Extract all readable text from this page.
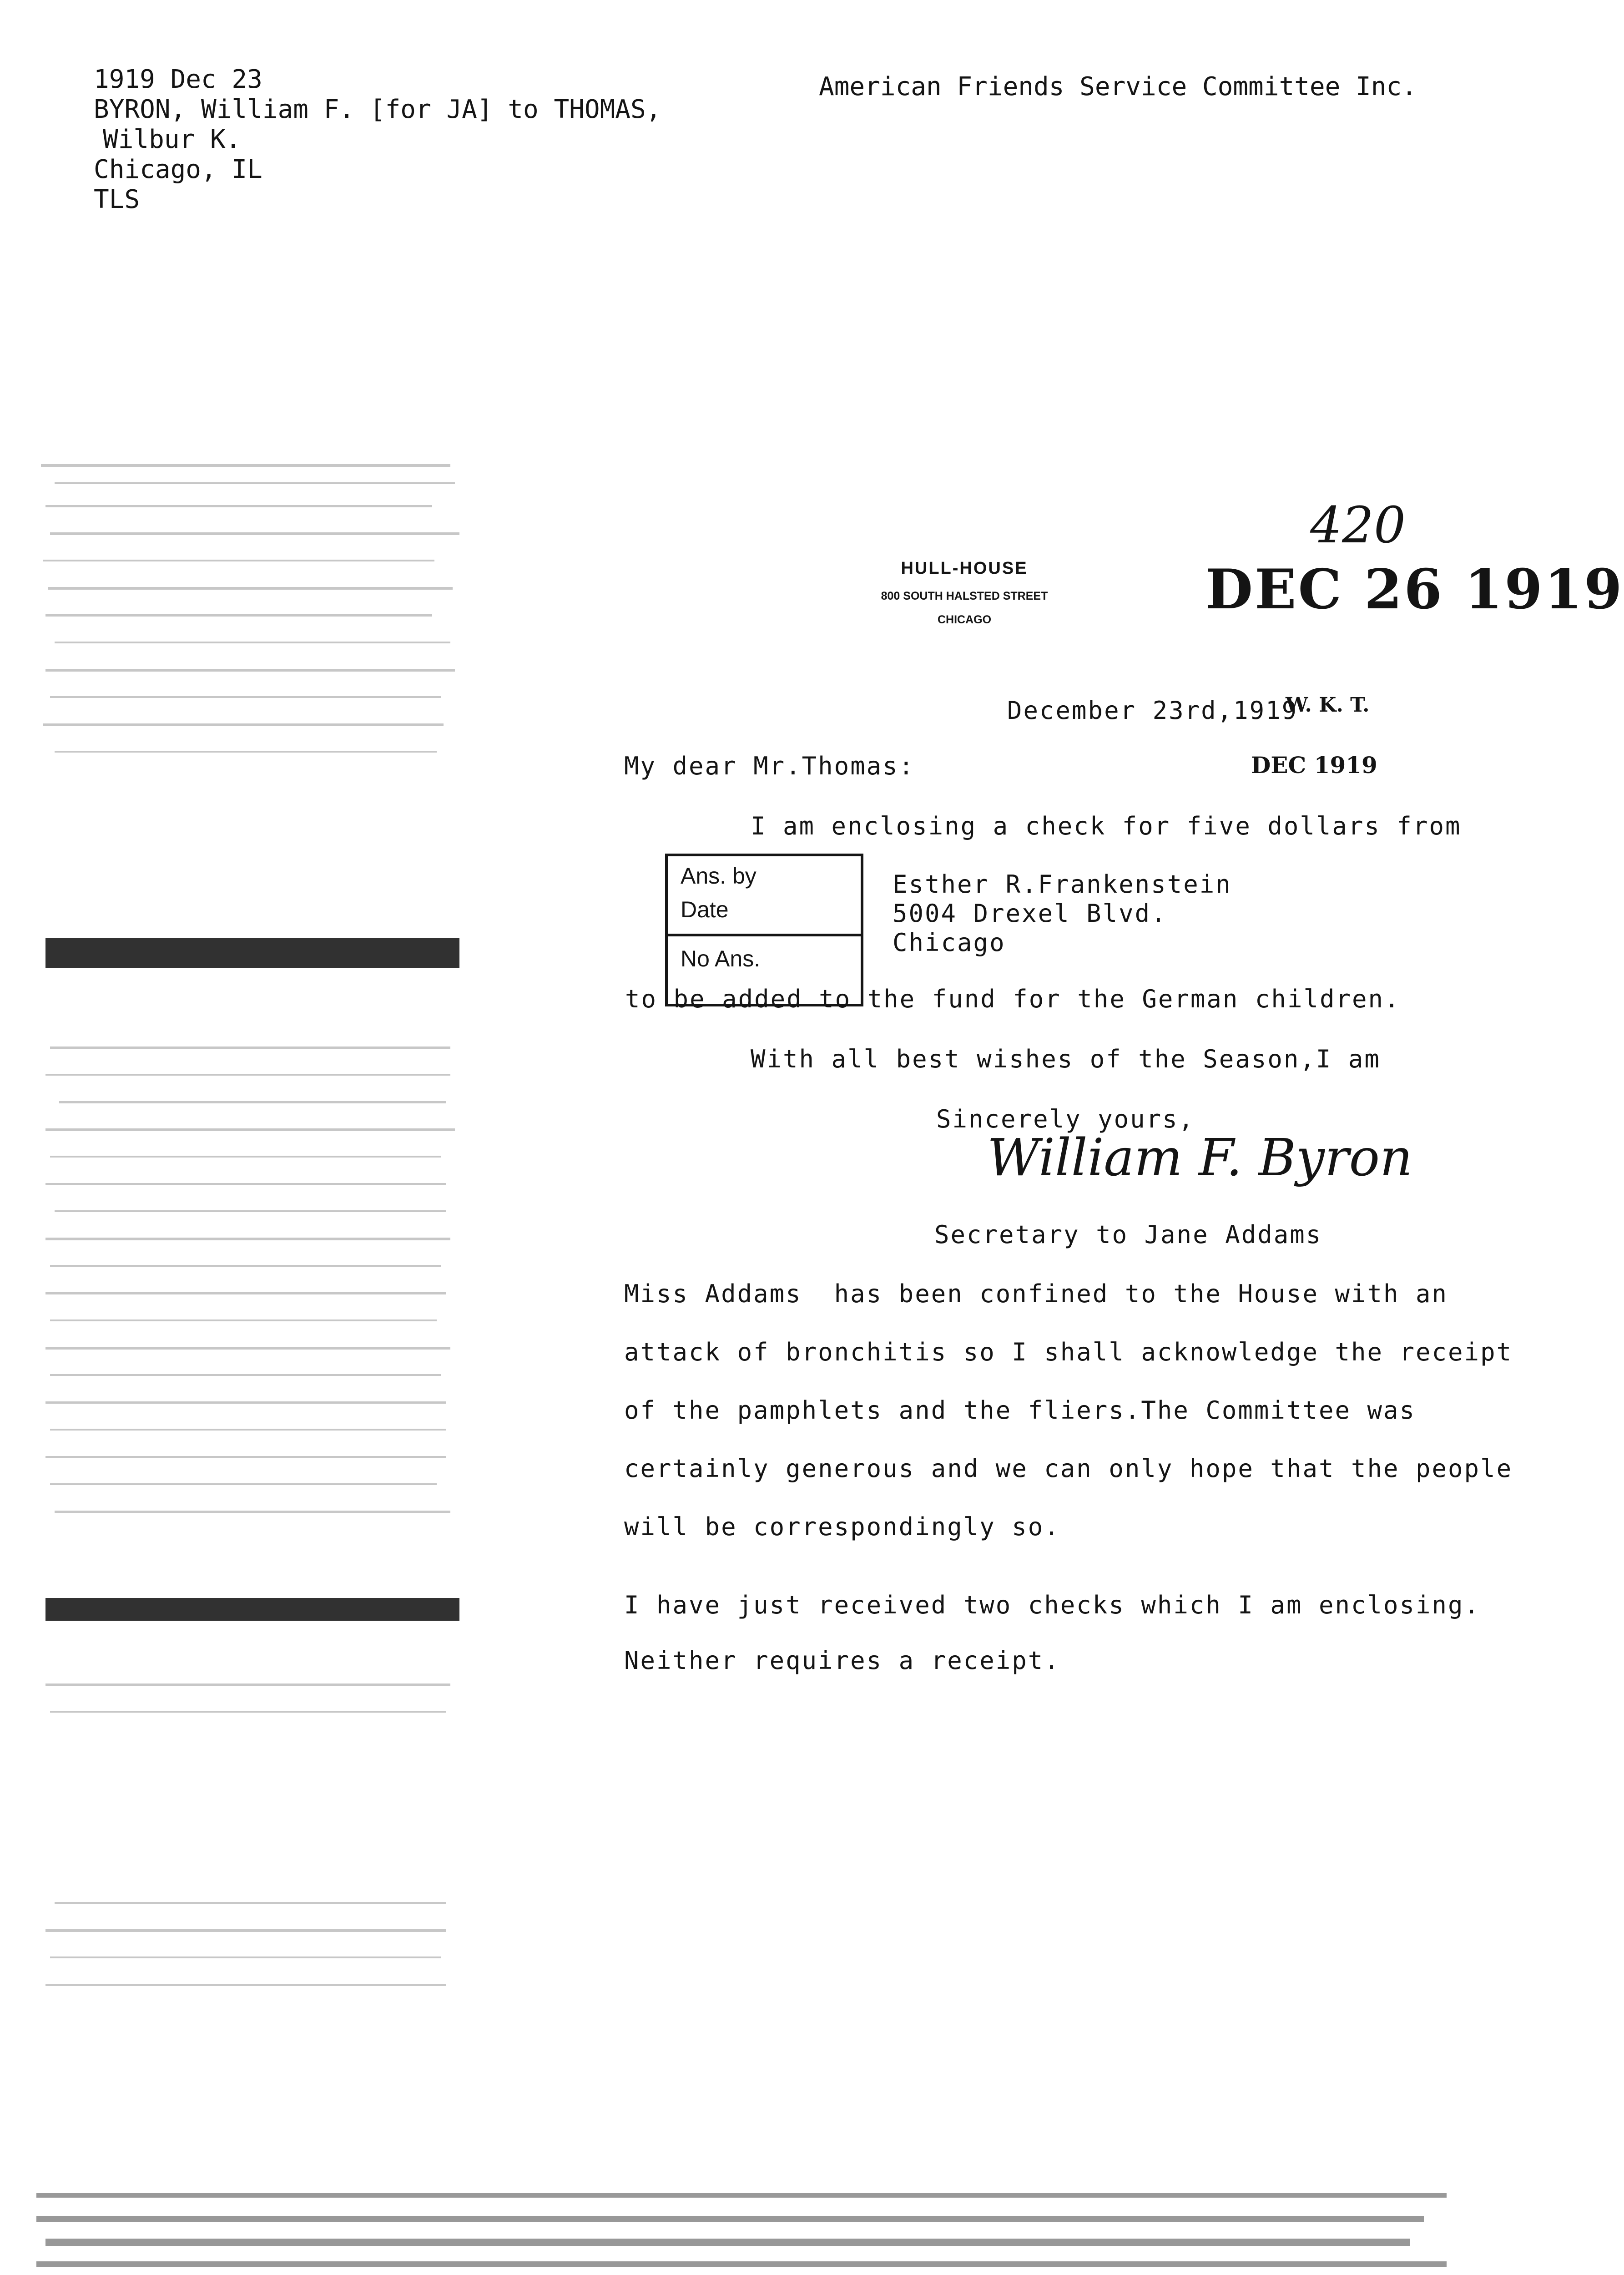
1919 Dec 23
BYRON, William F. [for JA] to THOMAS,
Wilbur K.
Chicago, IL
TLS
American Friends Service Committee Inc.
420
DEC 26 1919
HULL-HOUSE
800 SOUTH HALSTED STREET
CHICAGO
December 23rd,1919
W. K. T.
DEC 1919
My dear Mr.Thomas:
I am enclosing a check for five dollars from
Esther R.Frankenstein
5004 Drexel Blvd.
Chicago

Ans. by

Date

No Ans.

to be added to the fund for the German children.
With all best wishes of the Season,I am
Sincerely yours,
William F. Byron
Secretary to Jane Addams
Miss Addams  has been confined to the House with an
attack of bronchitis so I shall acknowledge the receipt
of the pamphlets and the fliers.The Committee was
certainly generous and we can only hope that the people
will be correspondingly so.
I have just received two checks which I am enclosing.
Neither requires a receipt.
